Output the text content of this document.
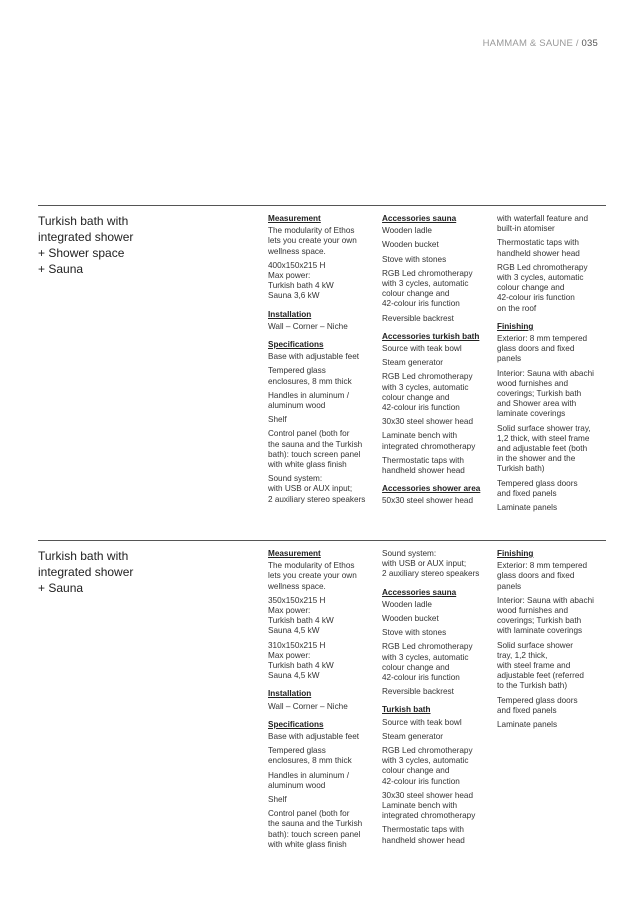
HAMMAM & SAUNE / 035
Turkish bath with
integrated shower
+ Shower space
+ Sauna
Measurement
The modularity of Ethos
lets you create your own
wellness space.
400x150x215 H
Max power:
Turkish bath 4 kW
Sauna 3,6 kW
Installation
Wall – Corner – Niche
Specifications
Base with adjustable feet
Tempered glass
enclosures, 8 mm thick
Handles in aluminum /
aluminum wood
Shelf
Control panel (both for
the sauna and the Turkish
bath): touch screen panel
with white glass finish
Sound system:
with USB or AUX input;
2 auxiliary stereo speakers
Accessories sauna
Wooden ladle
Wooden bucket
Stove with stones
RGB Led chromotherapy
with 3 cycles, automatic
colour change and
42-colour iris function
Reversible backrest
Accessories turkish bath
Source with teak bowl
Steam generator
RGB Led chromotherapy
with 3 cycles, automatic
colour change and
42-colour iris function
30x30 steel shower head
Laminate bench with
integrated chromotherapy
Thermostatic taps with
handheld shower head
Accessories shower area
50x30 steel shower head
with waterfall feature and
built-in atomiser
Thermostatic taps with
handheld shower head
RGB Led chromotherapy
with 3 cycles, automatic
colour change and
42-colour iris function
on the roof
Finishing
Exterior: 8 mm tempered
glass doors and fixed
panels
Interior: Sauna with abachi
wood furnishes and
coverings; Turkish bath
and Shower area with
laminate coverings
Solid surface shower tray,
1,2 thick, with steel frame
and adjustable feet (both
in the shower and the
Turkish bath)
Tempered glass doors
and fixed panels
Laminate panels
Turkish bath with
integrated shower
+ Sauna
Measurement
The modularity of Ethos
lets you create your own
wellness space.
350x150x215 H
Max power:
Turkish bath 4 kW
Sauna 4,5 kW
310x150x215 H
Max power:
Turkish bath 4 kW
Sauna 4,5 kW
Installation
Wall – Corner – Niche
Specifications
Base with adjustable feet
Tempered glass
enclosures, 8 mm thick
Handles in aluminum /
aluminum wood
Shelf
Control panel (both for
the sauna and the Turkish
bath): touch screen panel
with white glass finish
Sound system:
with USB or AUX input;
2 auxiliary stereo speakers
Accessories sauna
Wooden ladle
Wooden bucket
Stove with stones
RGB Led chromotherapy
with 3 cycles, automatic
colour change and
42-colour iris function
Reversible backrest
Turkish bath
Source with teak bowl
Steam generator
RGB Led chromotherapy
with 3 cycles, automatic
colour change and
42-colour iris function
30x30 steel shower head
Laminate bench with
integrated chromotherapy
Thermostatic taps with
handheld shower head
Finishing
Exterior: 8 mm tempered
glass doors and fixed
panels
Interior: Sauna with abachi
wood furnishes and
coverings; Turkish bath
with laminate coverings
Solid surface shower
tray, 1,2 thick,
with steel frame and
adjustable feet (referred
to the Turkish bath)
Tempered glass doors
and fixed panels
Laminate panels
